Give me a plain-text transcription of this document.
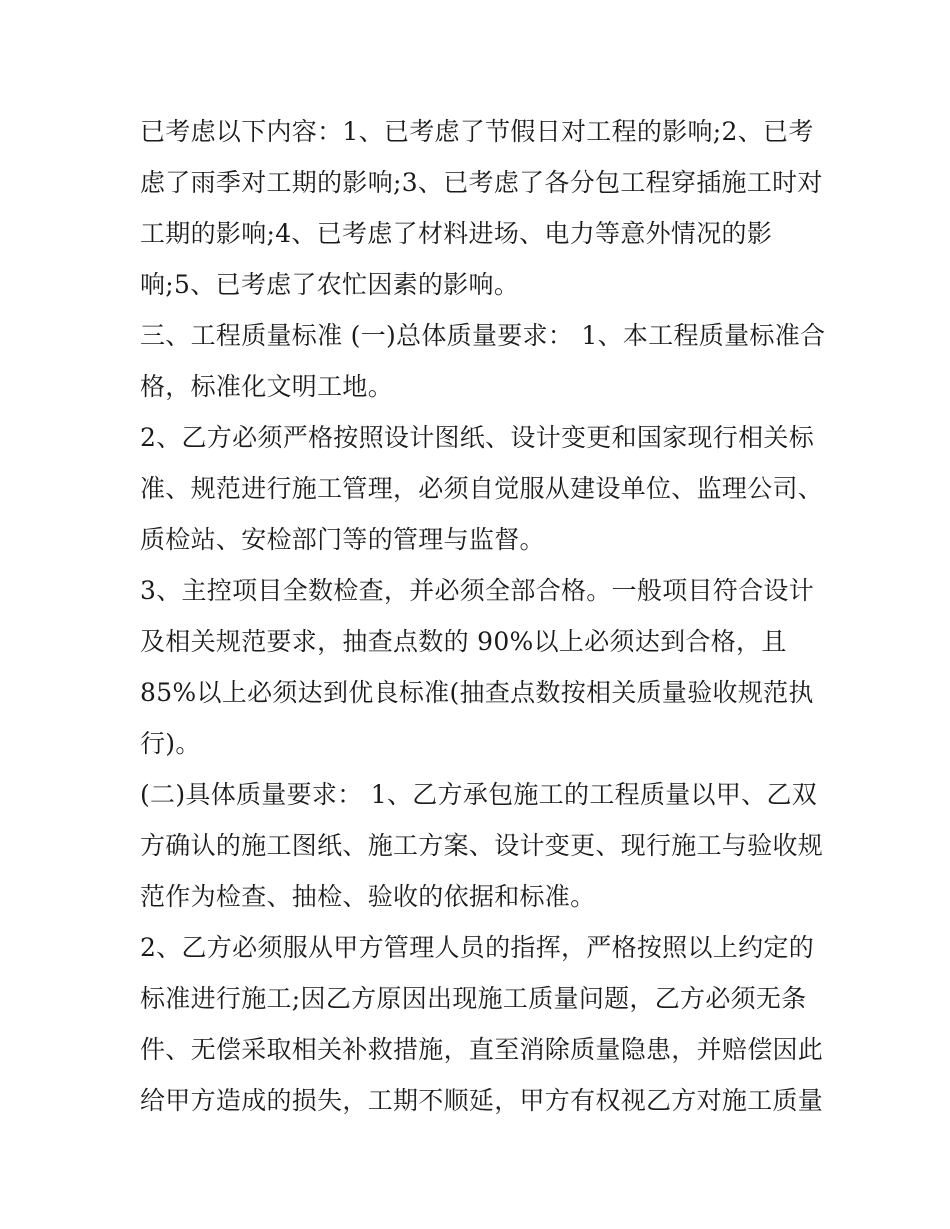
已考虑以下内容：1、已考虑了节假日对工程的影响;2、已考
虑了雨季对工期的影响;3、已考虑了各分包工程穿插施工时对
工期的影响;4、已考虑了材料进场、电力等意外情况的影
响;5、已考虑了农忙因素的影响。
三、工程质量标准 (一)总体质量要求： 1、本工程质量标准合
格，标准化文明工地。
2、乙方必须严格按照设计图纸、设计变更和国家现行相关标
准、规范进行施工管理，必须自觉服从建设单位、监理公司、
质检站、安检部门等的管理与监督。
3、主控项目全数检查，并必须全部合格。一般项目符合设计
及相关规范要求，抽查点数的 90%以上必须达到合格，且
85%以上必须达到优良标准(抽查点数按相关质量验收规范执
行)。
(二)具体质量要求： 1、乙方承包施工的工程质量以甲、乙双
方确认的施工图纸、施工方案、设计变更、现行施工与验收规
范作为检查、抽检、验收的依据和标准。
2、乙方必须服从甲方管理人员的指挥，严格按照以上约定的
标准进行施工;因乙方原因出现施工质量问题，乙方必须无条
件、无偿采取相关补救措施，直至消除质量隐患，并赔偿因此
给甲方造成的损失，工期不顺延，甲方有权视乙方对施工质量
